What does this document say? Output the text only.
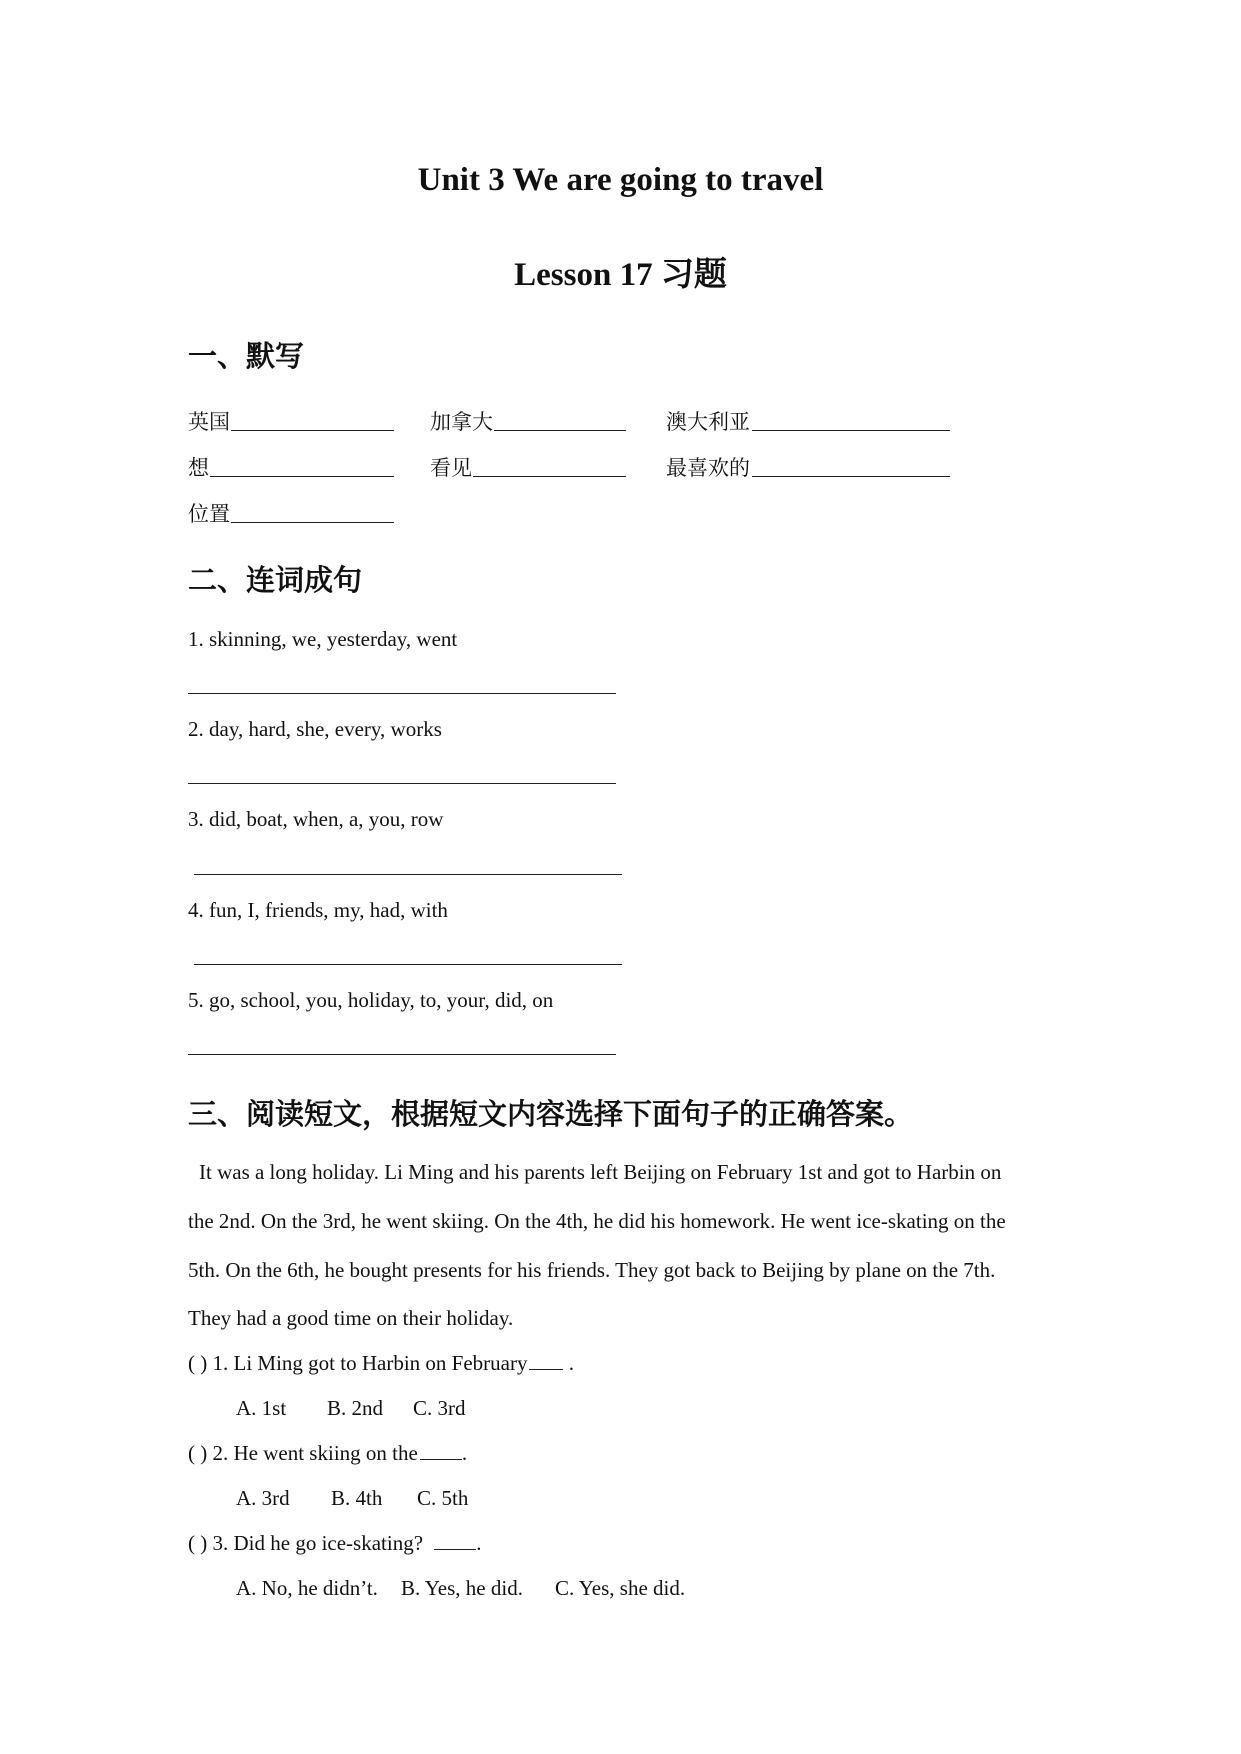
Unit 3 We are going to travel
Lesson 17 习题
一、默写
英国	加拿大	澳大利亚
想	看见	最喜欢的
位置
二、连词成句
1. skinning, we, yesterday, went
2. day, hard, she, every, works
3. did, boat, when, a, you, row
4. fun, I, friends, my, had, with
5. go, school, you, holiday, to, your, did, on
三、阅读短文，根据短文内容选择下面句子的正确答案。
It was a long holiday. Li Ming and his parents left Beijing on February 1st and got to Harbin on
the 2nd. On the 3rd, he went skiing. On the 4th, he did his homework. He went ice-skating on the
5th. On the 6th, he bought presents for his friends. They got back to Beijing by plane on the 7th.
They had a good time on their holiday.
( ) 1. Li Ming got to Harbin on February .
A. 1st B. 2nd C. 3rd
( ) 2. He went skiing on the .
A. 3rd B. 4th C. 5th
( ) 3. Did he go ice-skating?	.
A. No, he didn’t. B. Yes, he did. C. Yes, she did.
